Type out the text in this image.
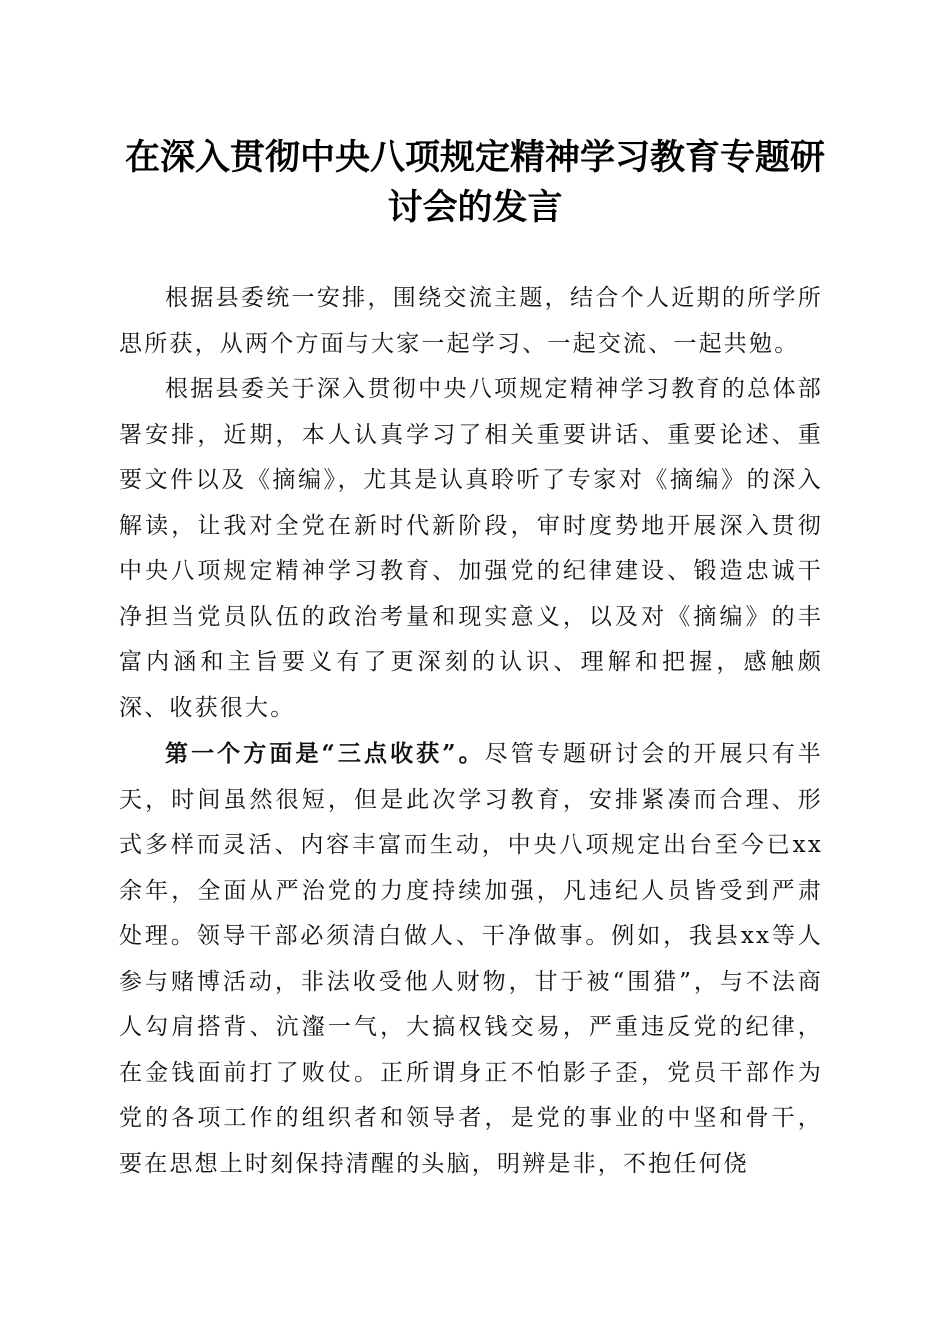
在深入贯彻中央八项规定精神学习教育专题研讨会的发言

根据县委统一安排，围绕交流主题，结合个人近期的所学所思所获，从两个方面与大家一起学习、一起交流、一起共勉。

根据县委关于深入贯彻中央八项规定精神学习教育的总体部署安排，近期，本人认真学习了相关重要讲话、重要论述、重要文件以及《摘编》，尤其是认真聆听了专家对《摘编》的深入解读，让我对全党在新时代新阶段，审时度势地开展深入贯彻中央八项规定精神学习教育、加强党的纪律建设、锻造忠诚干净担当党员队伍的政治考量和现实意义，以及对《摘编》的丰富内涵和主旨要义有了更深刻的认识、理解和把握，感触颇深、收获很大。

第一个方面是“三点收获”。尽管专题研讨会的开展只有半天，时间虽然很短，但是此次学习教育，安排紧凑而合理、形式多样而灵活、内容丰富而生动，中央八项规定出台至今已xx余年，全面从严治党的力度持续加强，凡违纪人员皆受到严肃处理。领导干部必须清白做人、干净做事。例如，我县xx等人参与赌博活动，非法收受他人财物，甘于被“围猎”，与不法商人勾肩搭背、沆瀣一气，大搞权钱交易，严重违反党的纪律，在金钱面前打了败仗。正所谓身正不怕影子歪，党员干部作为党的各项工作的组织者和领导者，是党的事业的中坚和骨干，要在思想上时刻保持清醒的头脑，明辨是非，不抱任何侥
